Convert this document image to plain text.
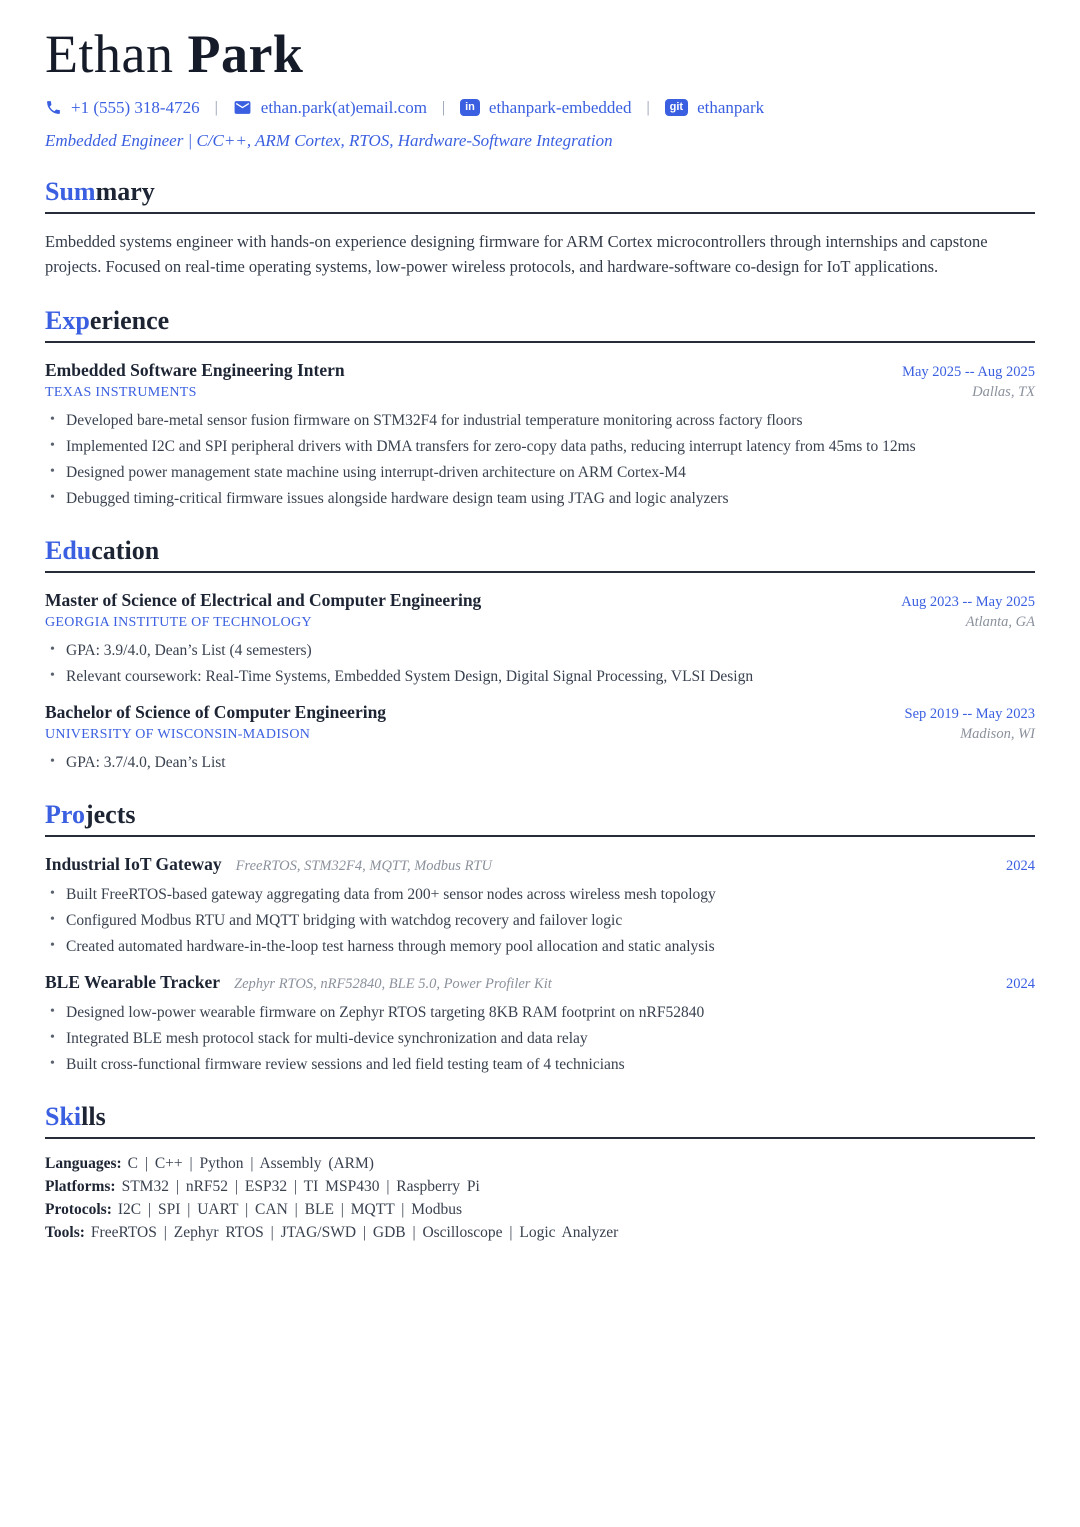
Ethan Park
+1 (555) 318-4726 |	ethan.park(at)email.com |	in ethanpark-embedded |	git ethanpark
Embedded Engineer | C/C++, ARM Cortex, RTOS, Hardware-Software Integration
Summary

Embedded systems engineer with hands-on experience designing firmware for ARM Cortex microcontrollers through internships and capstone projects. Focused on real-time operating systems, low-power wireless protocols, and hardware-software co-design for IoT applications.

Experience
Embedded Software Engineering Intern	May 2025 -- Aug 2025
TEXAS INSTRUMENTS	Dallas, TX
• Developed bare-metal sensor fusion firmware on STM32F4 for industrial temperature monitoring across factory floors
• Implemented I2C and SPI peripheral drivers with DMA transfers for zero-copy data paths, reducing interrupt latency from 45ms to 12ms
• Designed power management state machine using interrupt-driven architecture on ARM Cortex-M4
• Debugged timing-critical firmware issues alongside hardware design team using JTAG and logic analyzers
Education
Master of Science of Electrical and Computer Engineering	Aug 2023 -- May 2025
GEORGIA INSTITUTE OF TECHNOLOGY	Atlanta, GA
• GPA: 3.9/4.0, Dean’s List (4 semesters)
• Relevant coursework: Real-Time Systems, Embedded System Design, Digital Signal Processing, VLSI Design
Bachelor of Science of Computer Engineering	Sep 2019 -- May 2023
UNIVERSITY OF WISCONSIN-MADISON	Madison, WI
• GPA: 3.7/4.0, Dean’s List
Projects
Industrial IoT Gateway FreeRTOS, STM32F4, MQTT, Modbus RTU	2024
• Built FreeRTOS-based gateway aggregating data from 200+ sensor nodes across wireless mesh topology
• Configured Modbus RTU and MQTT bridging with watchdog recovery and failover logic
• Created automated hardware-in-the-loop test harness through memory pool allocation and static analysis
BLE Wearable Tracker Zephyr RTOS, nRF52840, BLE 5.0, Power Profiler Kit	2024
• Designed low-power wearable firmware on Zephyr RTOS targeting 8KB RAM footprint on nRF52840
• Integrated BLE mesh protocol stack for multi-device synchronization and data relay
• Built cross-functional firmware review sessions and led field testing team of 4 technicians
Skills
Languages: C | C++ | Python | Assembly (ARM)
Platforms: STM32 | nRF52 | ESP32 | TI MSP430 | Raspberry Pi
Protocols: I2C | SPI | UART | CAN | BLE | MQTT | Modbus
Tools: FreeRTOS | Zephyr RTOS | JTAG/SWD | GDB | Oscilloscope | Logic Analyzer
